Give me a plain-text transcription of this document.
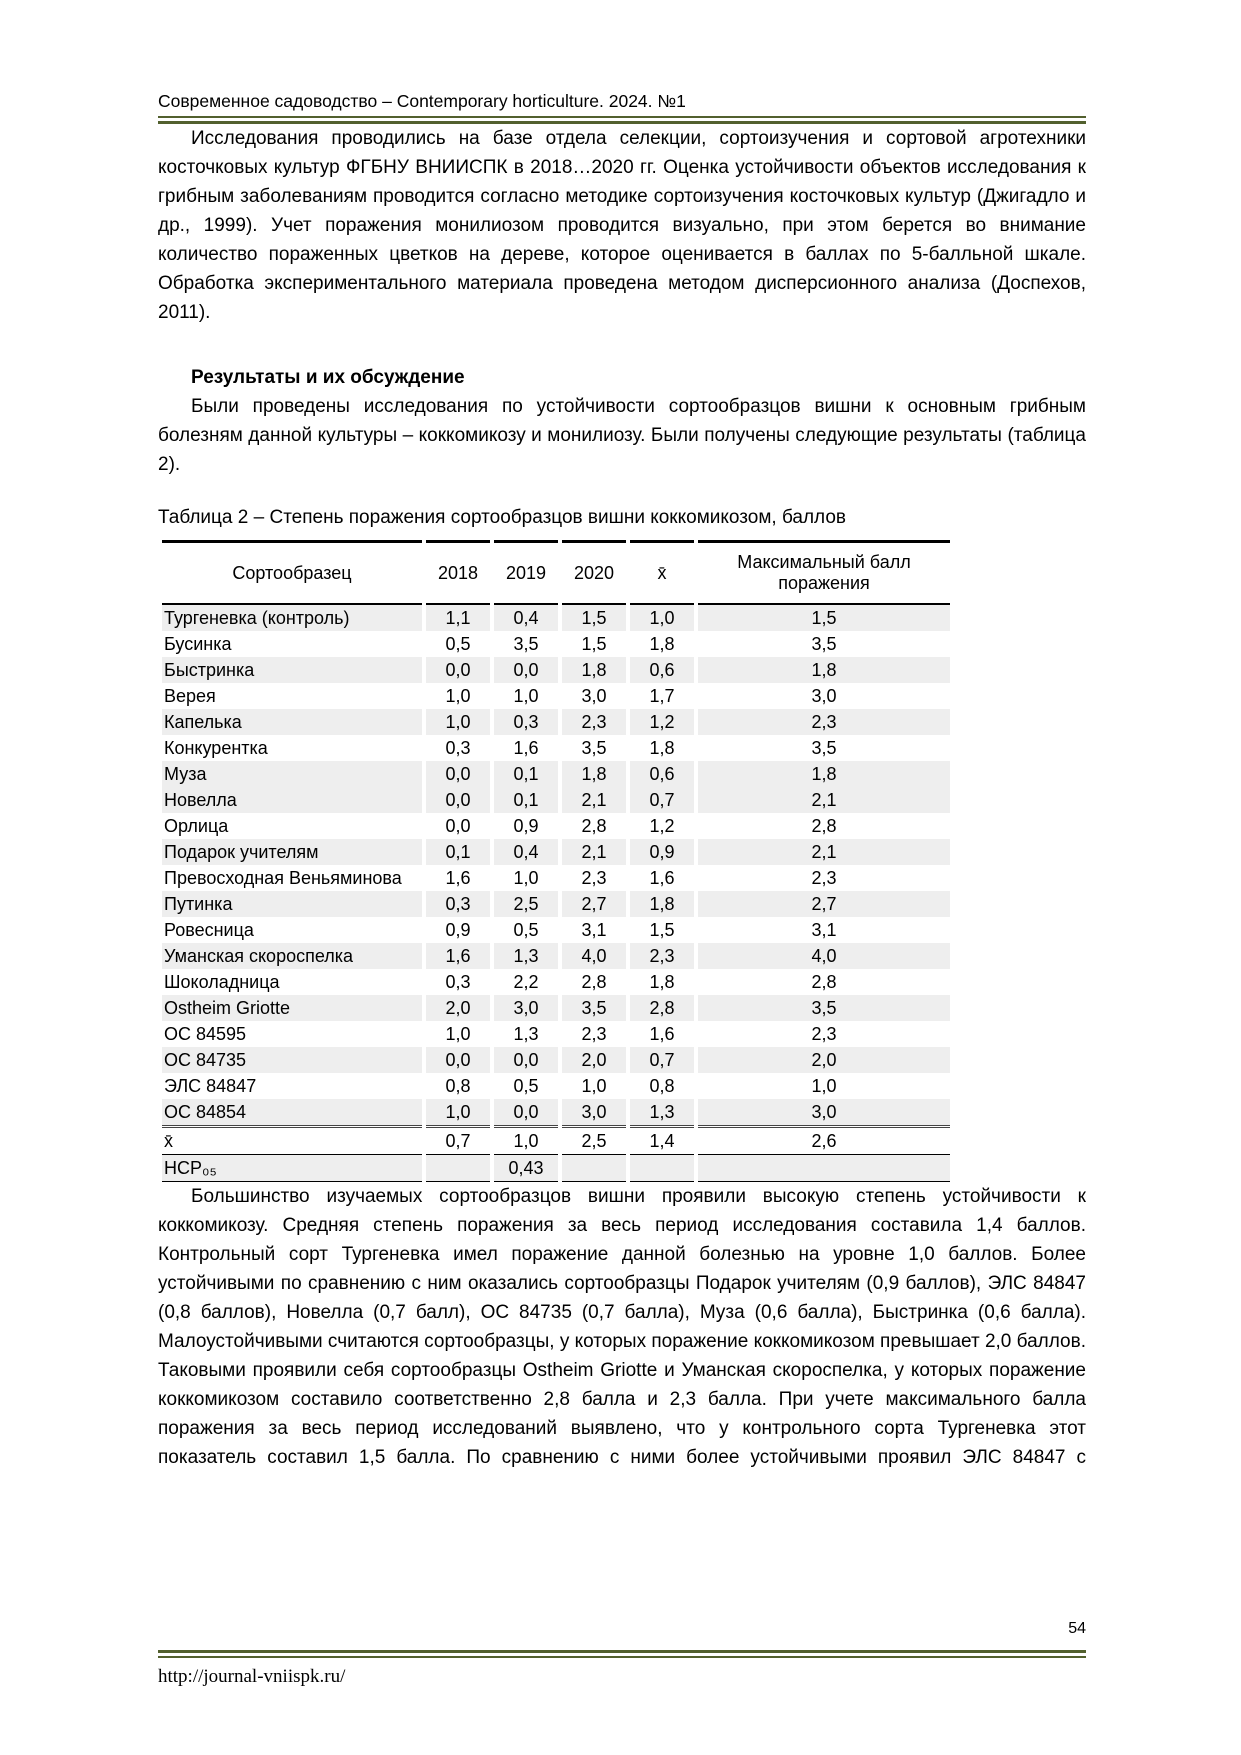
Современное садоводство – Contemporary horticulture. 2024. №1

Исследования проводились на базе отдела селекции, сортоизучения и сортовой агротехники косточковых культур ФГБНУ ВНИИСПК в 2018…2020 гг. Оценка устойчивости объектов исследования к грибным заболеваниям проводится согласно методике сортоизучения косточковых культур (Джигадло и др., 1999). Учет поражения монилиозом проводится визуально, при этом берется во внимание количество пораженных цветков на дереве, которое оценивается в баллах по 5-балльной шкале. Обработка экспериментального материала проведена методом дисперсионного анализа (Доспехов, 2011).

Результаты и их обсуждение

Были проведены исследования по устойчивости сортообразцов вишни к основным грибным болезням данной культуры – коккомикозу и монилиозу. Были получены следующие результаты (таблица 2).

Таблица 2 – Степень поражения сортообразцов вишни коккомикозом, баллов
Сортообразец	2018	2019	2020	x̄	Максимальный балл поражения
Тургеневка (контроль)	1,1	0,4	1,5	1,0	1,5
Бусинка	0,5	3,5	1,5	1,8	3,5
Быстринка	0,0	0,0	1,8	0,6	1,8
Верея	1,0	1,0	3,0	1,7	3,0
Капелька	1,0	0,3	2,3	1,2	2,3
Конкурентка	0,3	1,6	3,5	1,8	3,5
Муза	0,0	0,1	1,8	0,6	1,8
Новелла	0,0	0,1	2,1	0,7	2,1
Орлица	0,0	0,9	2,8	1,2	2,8
Подарок учителям	0,1	0,4	2,1	0,9	2,1
Превосходная Веньяминова	1,6	1,0	2,3	1,6	2,3
Путинка	0,3	2,5	2,7	1,8	2,7
Ровесница	0,9	0,5	3,1	1,5	3,1
Уманская скороспелка	1,6	1,3	4,0	2,3	4,0
Шоколадница	0,3	2,2	2,8	1,8	2,8
Ostheim Griotte	2,0	3,0	3,5	2,8	3,5
ОС 84595	1,0	1,3	2,3	1,6	2,3
ОС 84735	0,0	0,0	2,0	0,7	2,0
ЭЛС 84847	0,8	0,5	1,0	0,8	1,0
ОС 84854	1,0	0,0	3,0	1,3	3,0
x̄	0,7	1,0	2,5	1,4	2,6
НСР₀₅		0,43			

Большинство изучаемых сортообразцов вишни проявили высокую степень устойчивости к коккомикозу. Средняя степень поражения за весь период исследования составила 1,4 баллов. Контрольный сорт Тургеневка имел поражение данной болезнью на уровне 1,0 баллов. Более устойчивыми по сравнению с ним оказались сортообразцы Подарок учителям (0,9 баллов), ЭЛС 84847 (0,8 баллов), Новелла (0,7 балл), ОС 84735 (0,7 балла), Муза (0,6 балла), Быстринка (0,6 балла). Малоустойчивыми считаются сортообразцы, у которых поражение коккомикозом превышает 2,0 баллов. Таковыми проявили себя сортообразцы Ostheim Griotte и Уманская скороспелка, у которых поражение коккомикозом составило соответственно 2,8 балла и 2,3 балла. При учете максимального балла поражения за весь период исследований выявлено, что у контрольного сорта Тургеневка этот показатель составил 1,5 балла. По сравнению с ними более устойчивыми проявил ЭЛС 84847 с

54
http://journal-vniispk.ru/
